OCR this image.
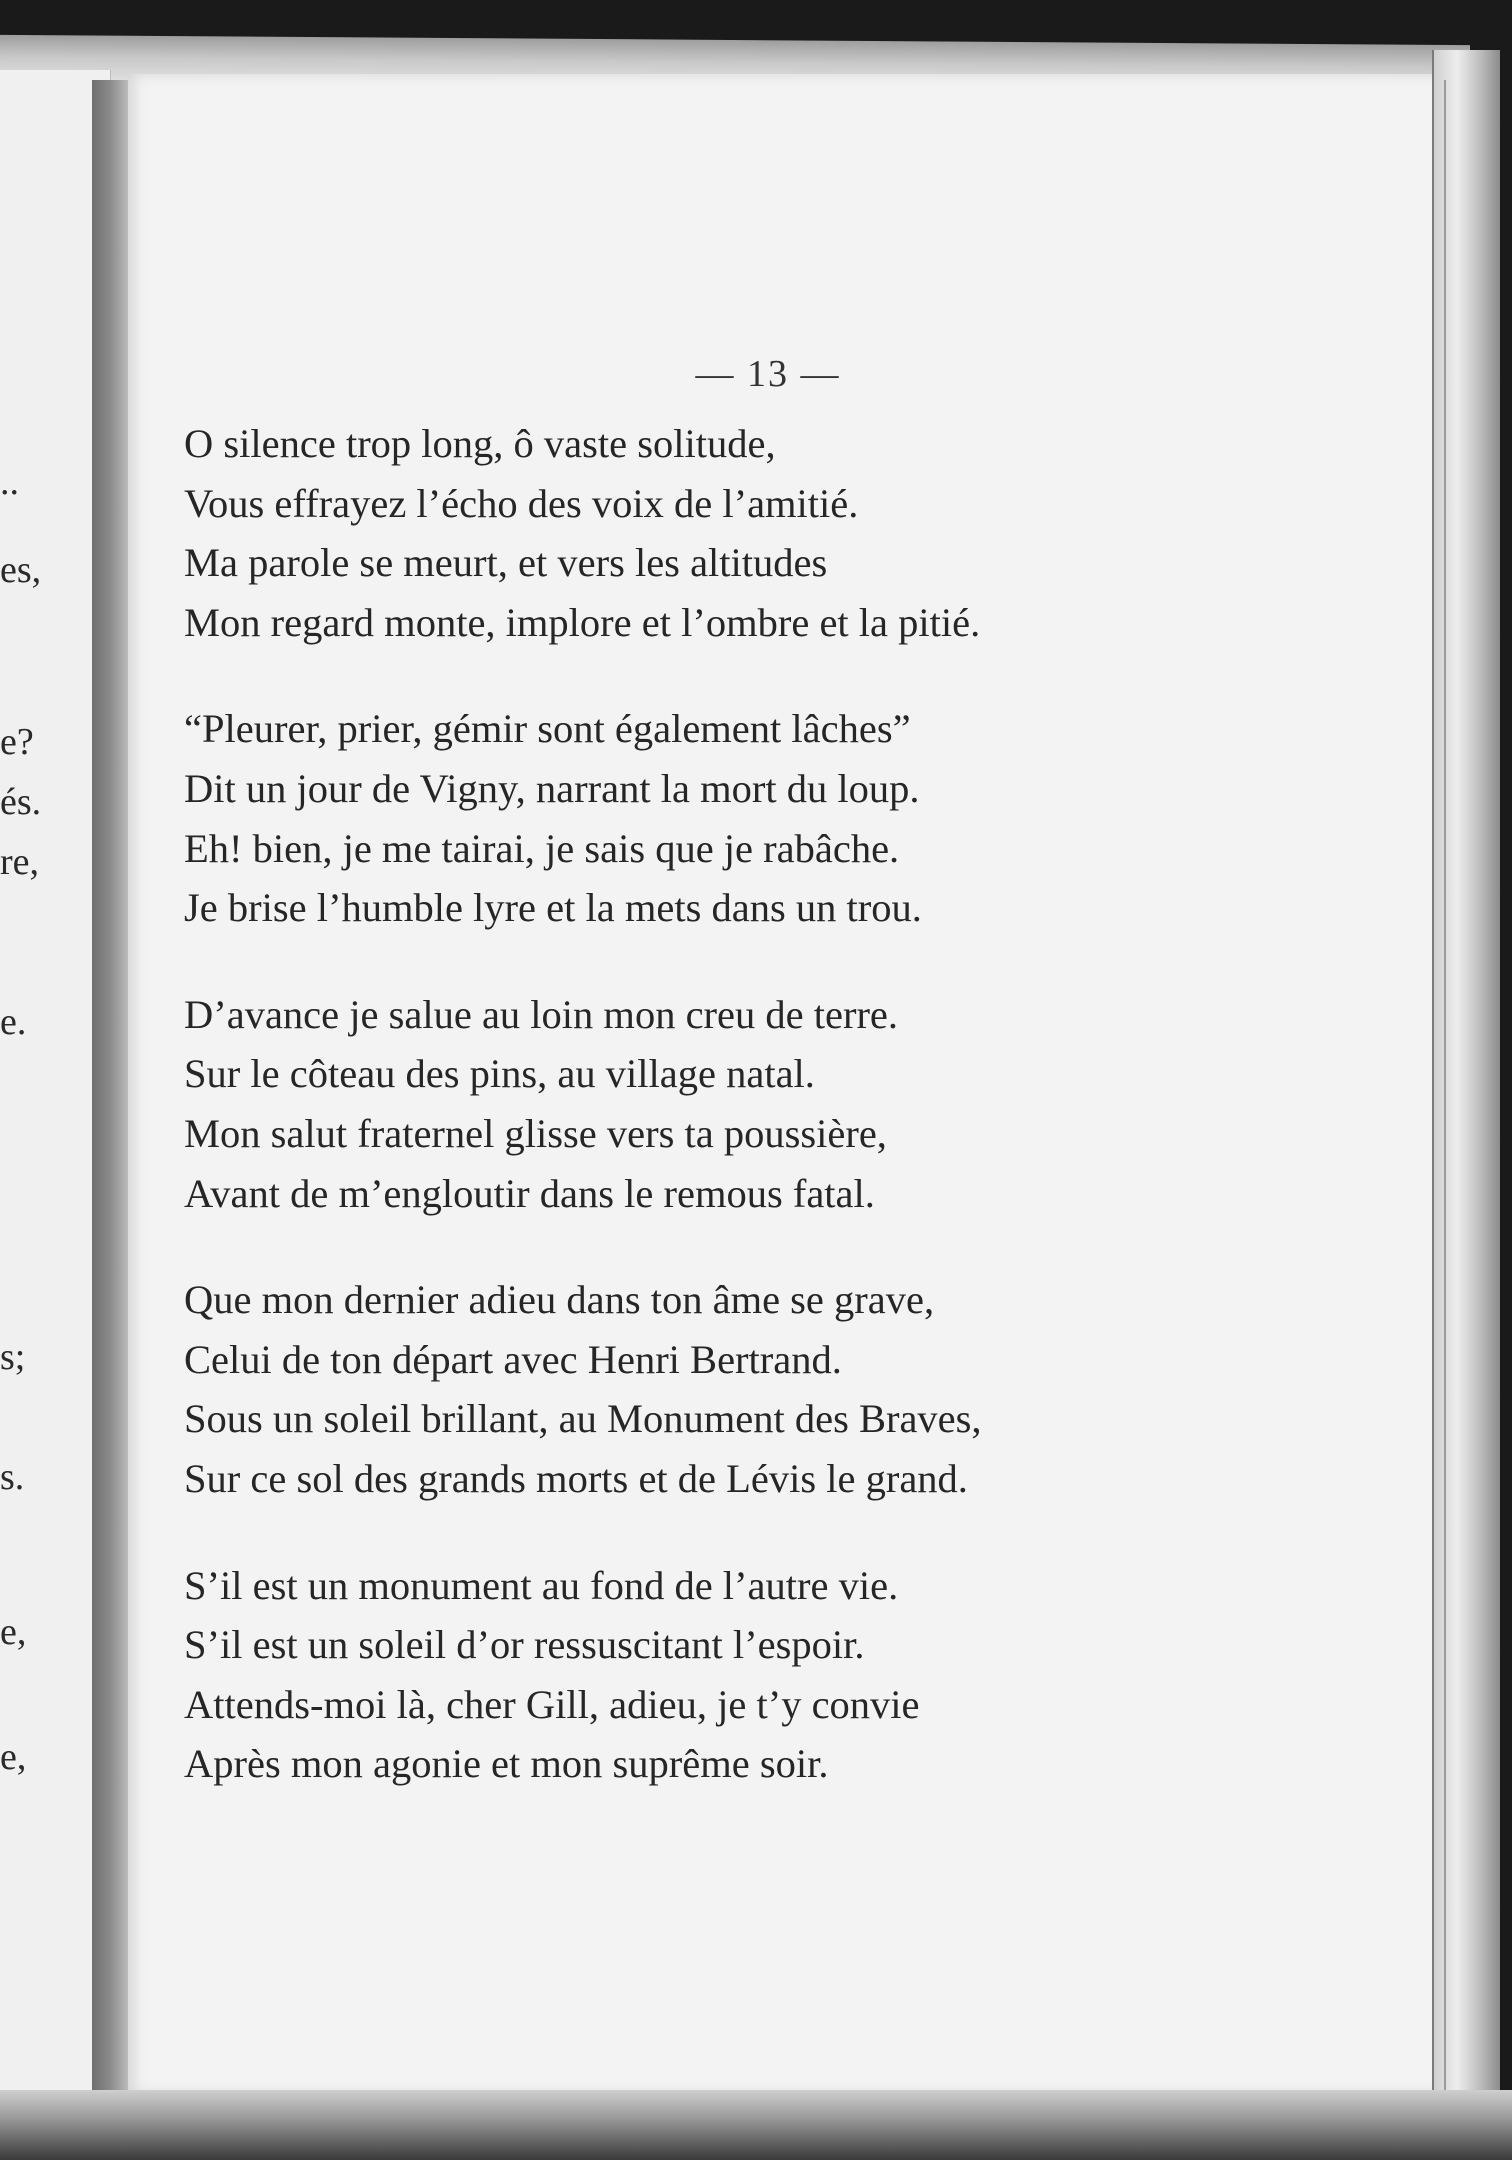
..
es,
e?
és.
re,
e.
s;
s.
e,
e,
— 13 —
O silence trop long, ô vaste solitude,
Vous effrayez l’écho des voix de l’amitié.
Ma parole se meurt, et vers les altitudes
Mon regard monte, implore et l’ombre et la pitié.
“Pleurer, prier, gémir sont également lâches”
Dit un jour de Vigny, narrant la mort du loup.
Eh! bien, je me tairai, je sais que je rabâche.
Je brise l’humble lyre et la mets dans un trou.
D’avance je salue au loin mon creu de terre.
Sur le côteau des pins, au village natal.
Mon salut fraternel glisse vers ta poussière,
Avant de m’engloutir dans le remous fatal.
Que mon dernier adieu dans ton âme se grave,
Celui de ton départ avec Henri Bertrand.
Sous un soleil brillant, au Monument des Braves,
Sur ce sol des grands morts et de Lévis le grand.
S’il est un monument au fond de l’autre vie.
S’il est un soleil d’or ressuscitant l’espoir.
Attends-moi là, cher Gill, adieu, je t’y convie
Après mon agonie et mon suprême soir.
